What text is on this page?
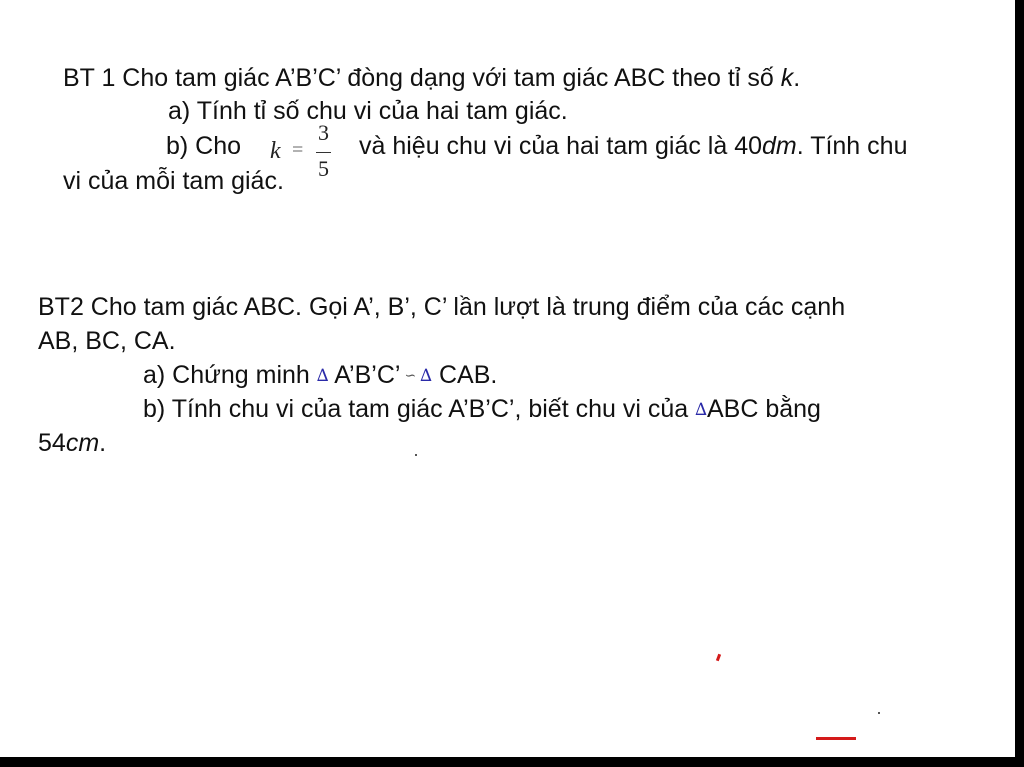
BT 1 Cho tam giác A’B’C’ đòng dạng với tam giác ABC theo tỉ số k.
a) Tính tỉ số chu vi của hai tam giác.
b) Cho k =
3
5
và hiệu chu vi của hai tam giác là 40dm. Tính chu
vi của mỗi tam giác.
BT2 Cho tam giác ABC. Gọi A’, B’, C’ lần lượt là trung điểm của các cạnh
AB, BC, CA.
a) Chứng minh ∆ A’B’C’ ∽ ∆ CAB.
b) Tính chu vi của tam giác A’B’C’, biết chu vi của ∆ABC bằng
54cm.
